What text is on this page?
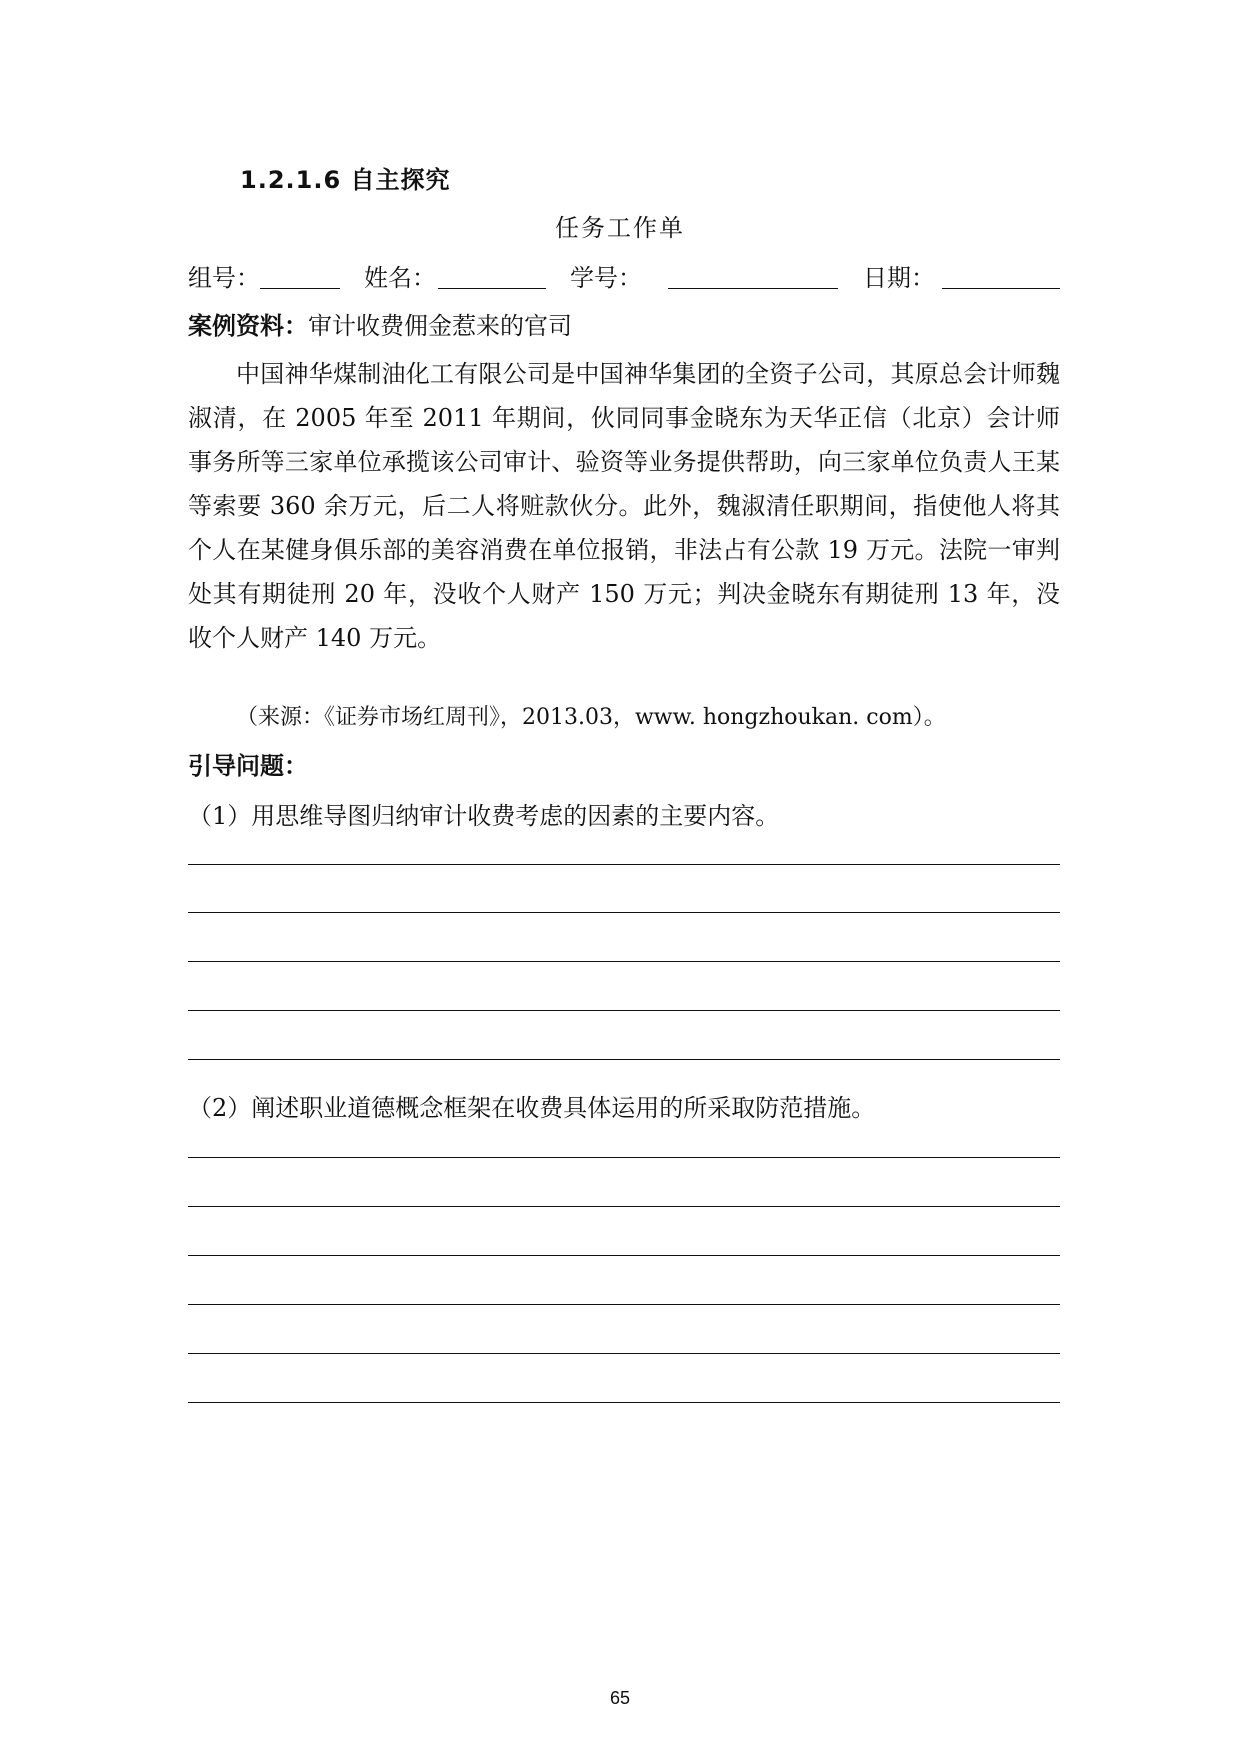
1.2.1.6 自主探究
任务工作单
组号：	姓名：	学号：	日期：
案例资料：审计收费佣金惹来的官司
中国神华煤制油化工有限公司是中国神华集团的全资子公司，其原总会计师魏淑清，在 2005 年至 2011 年期间，伙同同事金晓东为天华正信（北京）会计师事务所等三家单位承揽该公司审计、验资等业务提供帮助，向三家单位负责人王某等索要 360 余万元，后二人将赃款伙分。此外，魏淑清任职期间，指使他人将其个人在某健身俱乐部的美容消费在单位报销，非法占有公款 19 万元。法院一审判处其有期徒刑 20 年，没收个人财产 150 万元；判决金晓东有期徒刑 13 年，没收个人财产 140 万元。
（来源：《证券市场红周刊》，2013.03，www. hongzhoukan. com）。
引导问题：
（1）用思维导图归纳审计收费考虑的因素的主要内容。
（2）阐述职业道德概念框架在收费具体运用的所采取防范措施。
65
